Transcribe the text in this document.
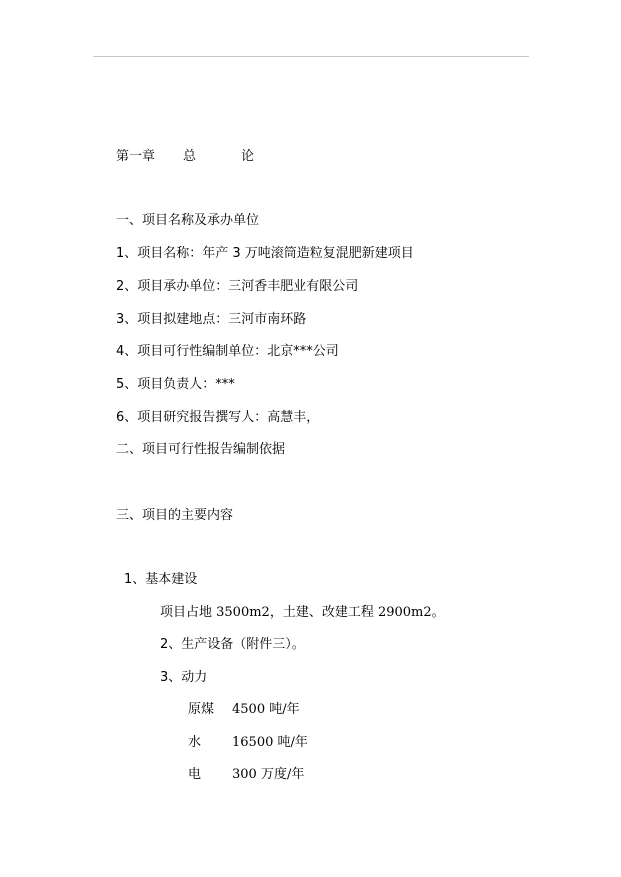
第一章 总	论
一、项目名称及承办单位
1、项目名称：年产 3 万吨滚筒造粒复混肥新建项目
2、项目承办单位：三河香丰肥业有限公司
3、项目拟建地点：三河市南环路
4、项目可行性编制单位：北京***公司
5、项目负责人：***
6、项目研究报告撰写人：高慧丰，
二、项目可行性报告编制依据
三、项目的主要内容
1、基本建设
项目占地 3500m2，土建、改建工程 2900m2。
2、生产设备（附件三）。
3、动力
原煤 4500 吨/年
水 16500 吨/年
电 300 万度/年
